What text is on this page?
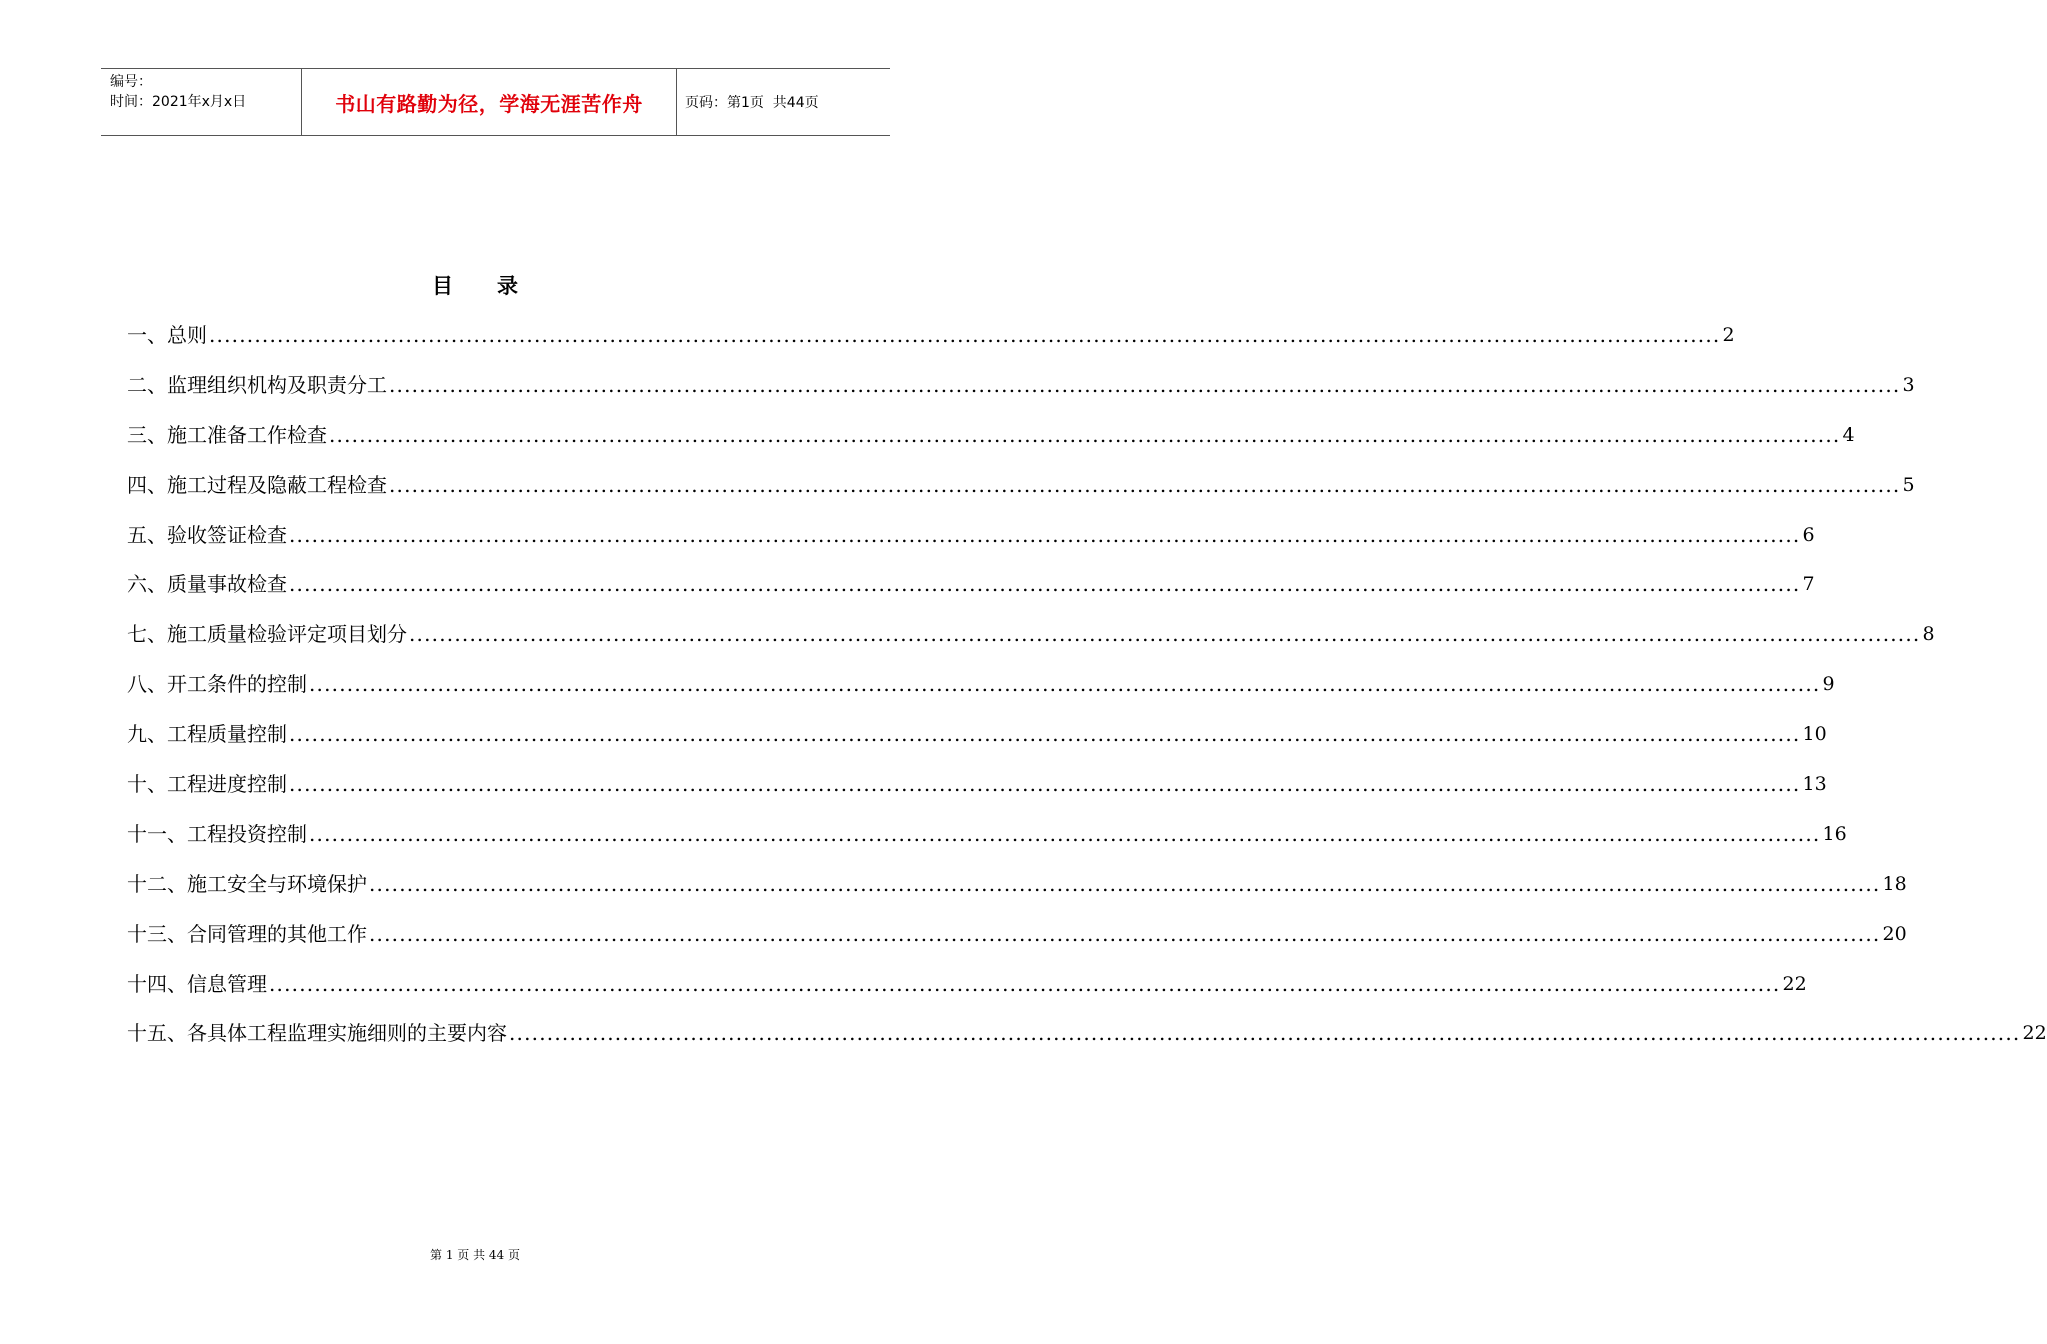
编号：
时间：2021年x月x日	书山有路勤为径，学海无涯苦作舟	页码：第1页  共44页
目 录
一、总则 ........................................................................................................................................................................................................ 2
二、监理组织机构及职责分工 ........................................................................................................................................................................................................ 3
三、施工准备工作检查 ........................................................................................................................................................................................................ 4
四、施工过程及隐蔽工程检查 ........................................................................................................................................................................................................ 5
五、验收签证检查 ........................................................................................................................................................................................................ 6
六、质量事故检查 ........................................................................................................................................................................................................ 7
七、施工质量检验评定项目划分 ........................................................................................................................................................................................................ 8
八、开工条件的控制 ........................................................................................................................................................................................................ 9
九、工程质量控制 ........................................................................................................................................................................................................ 10
十、工程进度控制 ........................................................................................................................................................................................................ 13
十一、工程投资控制 ........................................................................................................................................................................................................ 16
十二、施工安全与环境保护 ........................................................................................................................................................................................................ 18
十三、合同管理的其他工作 ........................................................................................................................................................................................................ 20
十四、信息管理 ........................................................................................................................................................................................................ 22
十五、各具体工程监理实施细则的主要内容 ........................................................................................................................................................................................................ 22
第 1 页 共 44 页
